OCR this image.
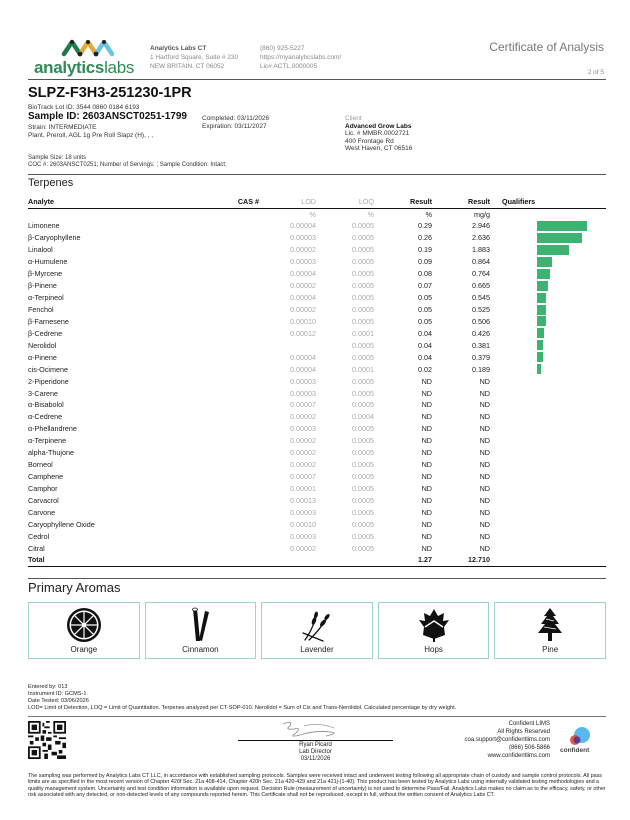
analyticslabs
Analytics Labs CT
1 Hartford Square, Suite # 230
NEW BRITAIN, CT 06052
(860) 925-5227
https://myanalyticslabs.com/
Lic# ACTL.0000005
Certificate of Analysis
2 of 5
SLPZ-F3H3-251230-1PR
BioTrack Lot ID: 3544 0860 0184 6193
Sample ID: 2603ANSCT0251-1799
Strain: INTERMEDIATE
Plant, Preroll, AGL 1g Pre Roll Slapz (H), , ,
Completed: 03/11/2026
Expiration: 03/11/2027
Client
Advanced Grow Labs
Lic. # MMBR.0002721
400 Frontage Rd
West Haven, CT 06516
Sample Size: 18 units
COC #: 2603ANSCT0251; Number of Servings: ; Sample Condition: Intact;
Terpenes
Analyte	CAS #	LOD	LOQ	Result	Result	Qualifiers
		%	%	%	mg/g	
Limonene		0.00004	0.0005	0.29	2.946	

β-Caryophyllene		0.00003	0.0005	0.26	2.636	

Linalool		0.00002	0.0005	0.19	1.883	

α-Humulene		0.00003	0.0005	0.09	0.864	

β-Myrcene		0.00004	0.0005	0.08	0.764	

β-Pinene		0.00002	0.0005	0.07	0.665	

α-Terpineol		0.00004	0.0005	0.05	0.545	

Fenchol		0.00002	0.0005	0.05	0.525	

β-Farnesene		0.00010	0.0005	0.05	0.506	

β-Cedrene		0.00012	0.0001	0.04	0.426	

Nerolidol			0.0005	0.04	0.381	

α-Pinene		0.00004	0.0005	0.04	0.379	

cis-Ocimene		0.00004	0.0001	0.02	0.189	

2-Piperidone		0.00003	0.0005	ND	ND	
3-Carene		0.00003	0.0005	ND	ND	
α-Bisabolol		0.00007	0.0005	ND	ND	
α-Cedrene		0.00002	0.0004	ND	ND	
α-Phellandrene		0.00003	0.0005	ND	ND	
α-Terpinene		0.00002	0.0005	ND	ND	
alpha-Thujone		0.00002	0.0005	ND	ND	
Borneol		0.00002	0.0005	ND	ND	
Camphene		0.00007	0.0005	ND	ND	
Camphor		0.00001	0.0005	ND	ND	
Carvacrol		0.00013	0.0005	ND	ND	
Carvone		0.00003	0.0005	ND	ND	
Caryophyllene Oxide		0.00010	0.0005	ND	ND	
Cedrol		0.00003	0.0005	ND	ND	
Citral		0.00002	0.0005	ND	ND	
Total				1.27	12.710	
Primary Aromas
Orange	Cinnamon	Lavender	Hops	Pine
Entered by: 013
Instrument ID: GCMS-1
Date Tested: 03/06/2026
LOD= Limit of Detection, LOQ = Limit of Quantitation. Terpenes analyzed per CT-SOP-010. Nerolidol = Sum of Cis and Trans-Nerolidol. Calculated percentage by dry weight.
Ryan Picard
Lab Director
03/11/2026
Confident LIMS
All Rights Reserved
coa.support@confidentlims.com
(866) 506-5866
www.confidentlims.com
confident
The sampling was performed by Analytics Labs CT LLC, in accordance with established sampling protocols. Samples were received intact and underwent testing following all appropriate chain of custody and sample control protocols. All pass limits are as specified in the most recent version of Chapter 420f Sec. 21a 408-414, Chapter 420h Sec. 21a 420-429 and 21a 421j-(1-40). This product has been tested by Analytics Labs using internally validated testing methodologies and a quality management system. Uncertainty and test condition information is available upon request. Decision Rule (measurement of uncertainty) is not used to determine Pass/Fail. Analytics Labs makes no claim as to the efficacy, safety, or other risk associated with any detected, or non-detected levels of any compounds reported herein. This Certificate shall not be reproduced, except in full, without the written consent of Analytics Labs CT.
